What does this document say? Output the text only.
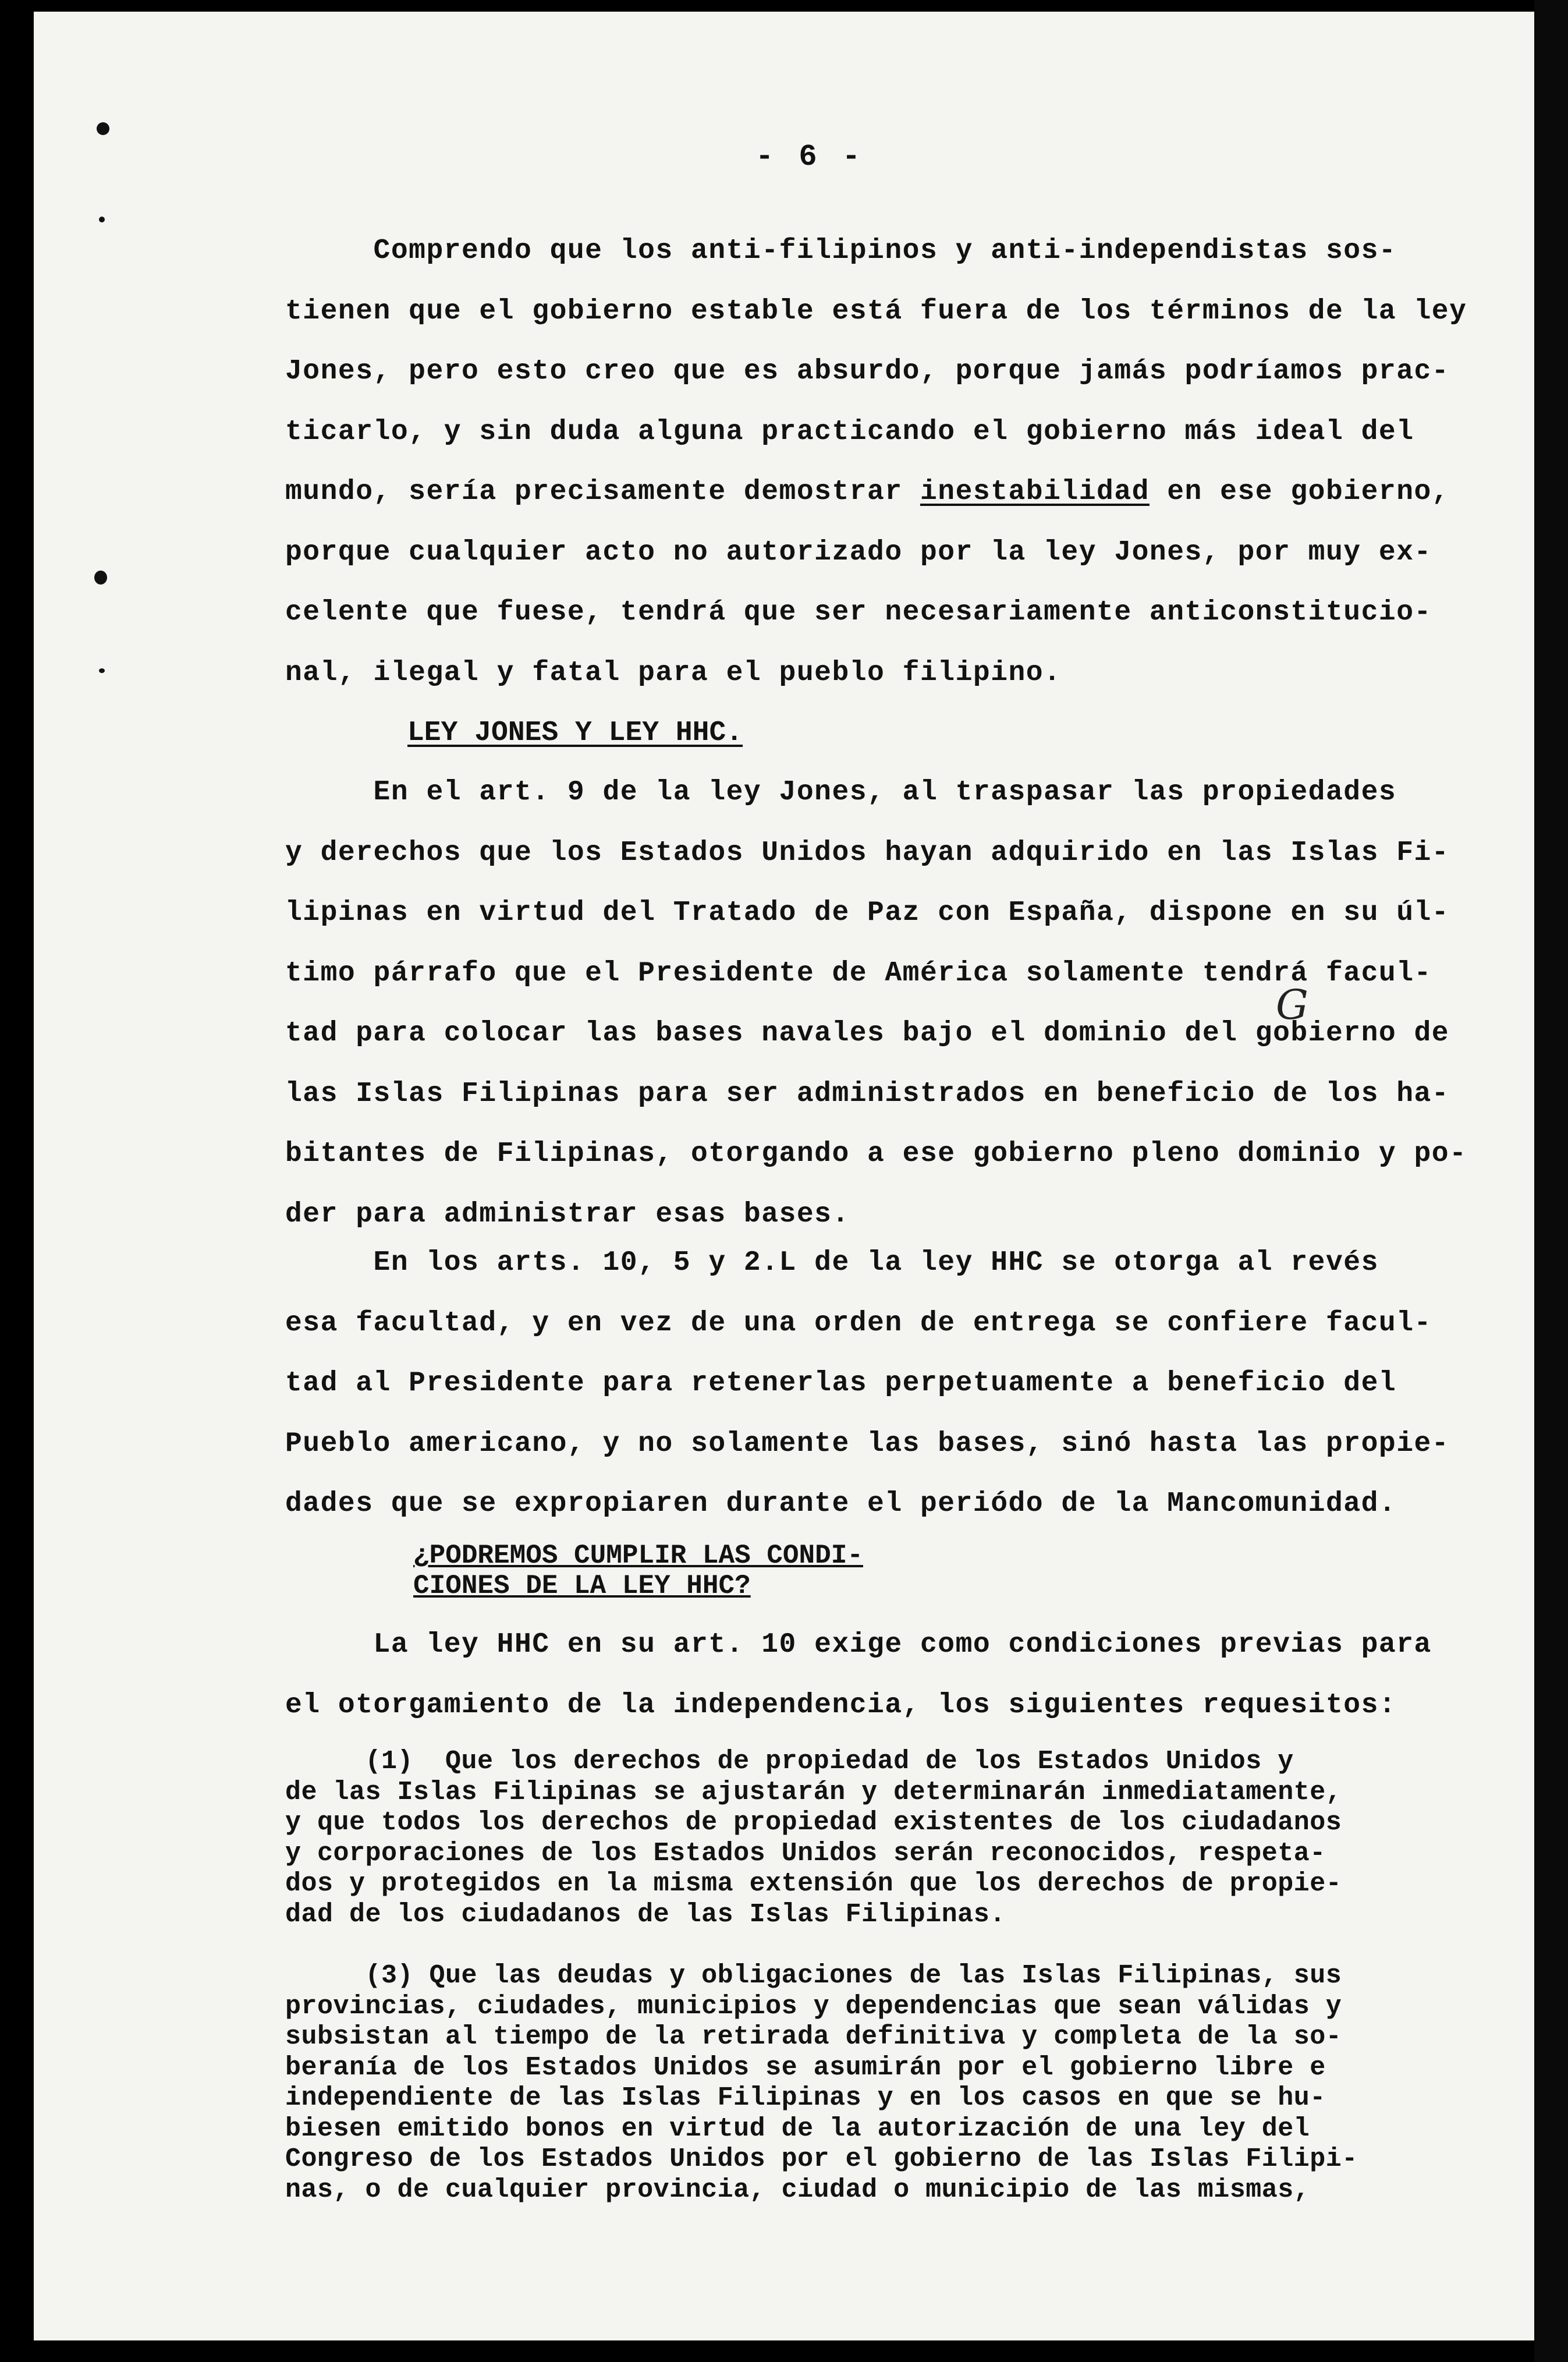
- 6 -
Comprendo que los anti-filipinos y anti-independistas sos-
tienen que el gobierno estable está fuera de los términos de la ley
Jones, pero esto creo que es absurdo, porque jamás podríamos prac-
ticarlo, y sin duda alguna practicando el gobierno más ideal del
mundo, sería precisamente demostrar inestabilidad en ese gobierno,
porque cualquier acto no autorizado por la ley Jones, por muy ex-
celente que fuese, tendrá que ser necesariamente anticonstitucio-
nal, ilegal y fatal para el pueblo filipino.
LEY JONES Y LEY HHC.
En el art. 9 de la ley Jones, al traspasar las propiedades
y derechos que los Estados Unidos hayan adquirido en las Islas Fi-
lipinas en virtud del Tratado de Paz con España, dispone en su úl-
timo párrafo que el Presidente de América solamente tendrá facul-
tad para colocar las bases navales bajo el dominio del gobierno de
las Islas Filipinas para ser administrados en beneficio de los ha-
bitantes de Filipinas, otorgando a ese gobierno pleno dominio y po-
der para administrar esas bases.
G
En los arts. 10, 5 y 2.L de la ley HHC se otorga al revés
esa facultad, y en vez de una orden de entrega se confiere facul-
tad al Presidente para retenerlas perpetuamente a beneficio del
Pueblo americano, y no solamente las bases, sinó hasta las propie-
dades que se expropiaren durante el periódo de la Mancomunidad.
¿PODREMOS CUMPLIR LAS CONDI-
CIONES DE LA LEY HHC?
La ley HHC en su art. 10 exige como condiciones previas para
el otorgamiento de la independencia, los siguientes requesitos:
(1)  Que los derechos de propiedad de los Estados Unidos y
de las Islas Filipinas se ajustarán y determinarán inmediatamente,
y que todos los derechos de propiedad existentes de los ciudadanos
y corporaciones de los Estados Unidos serán reconocidos, respeta-
dos y protegidos en la misma extensión que los derechos de propie-
dad de los ciudadanos de las Islas Filipinas.
(3) Que las deudas y obligaciones de las Islas Filipinas, sus
provincias, ciudades, municipios y dependencias que sean válidas y
subsistan al tiempo de la retirada definitiva y completa de la so-
beranía de los Estados Unidos se asumirán por el gobierno libre e
independiente de las Islas Filipinas y en los casos en que se hu-
biesen emitido bonos en virtud de la autorización de una ley del
Congreso de los Estados Unidos por el gobierno de las Islas Filipi-
nas, o de cualquier provincia, ciudad o municipio de las mismas,
